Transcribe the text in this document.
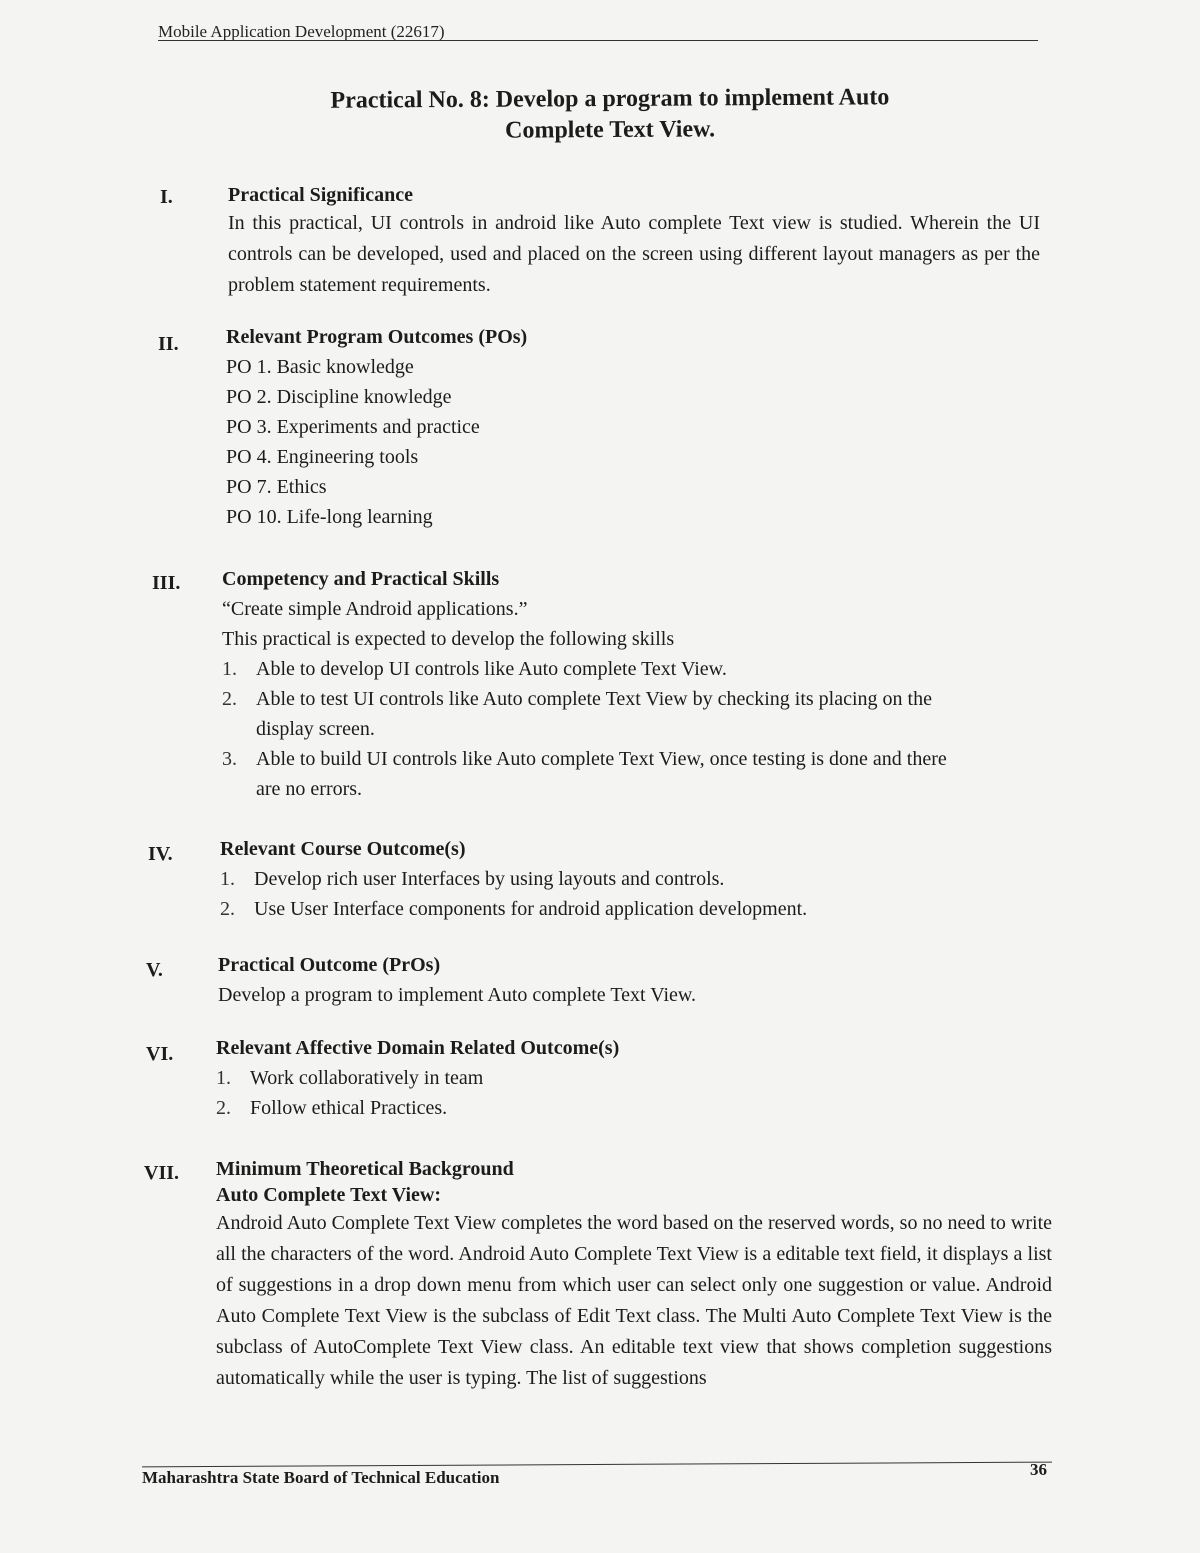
Mobile Application Development (22617)
Practical No. 8: Develop a program to implement Auto
Complete Text View.
I.	Practical Significance

In this practical, UI controls in android like Auto complete Text view is studied. Wherein the UI controls can be developed, used and placed on the screen using different layout managers as per the problem statement requirements.

II. Relevant Program Outcomes (POs)

PO 1. Basic knowledge

PO 2. Discipline knowledge

PO 3. Experiments and practice

PO 4. Engineering tools

PO 7. Ethics

PO 10. Life-long learning

III. Competency and Practical Skills

“Create simple Android applications.”

This practical is expected to develop the following skills

1. Able to develop UI controls like Auto complete Text View.
2. Able to test UI controls like Auto complete Text View by checking its placing on the display screen.
3. Able to build UI controls like Auto complete Text View, once testing is done and there are no errors.
IV. Relevant Course Outcome(s)

1. Develop rich user Interfaces by using layouts and controls.
2. Use User Interface components for android application development.
V.	Practical Outcome (PrOs)

Develop a program to implement Auto complete Text View.

VI. Relevant Affective Domain Related Outcome(s)

1. Work collaboratively in team
2. Follow ethical Practices.
VII. Minimum Theoretical Background

Auto Complete Text View:

Android Auto Complete Text View completes the word based on the reserved words, so no need to write all the characters of the word. Android Auto Complete Text View is a editable text field, it displays a list of suggestions in a drop down menu from which user can select only one suggestion or value. Android Auto Complete Text View is the subclass of Edit Text class. The Multi Auto Complete Text View is the subclass of AutoComplete Text View class. An editable text view that shows completion suggestions automatically while the user is typing. The list of suggestions

Maharashtra State Board of Technical Education	36
